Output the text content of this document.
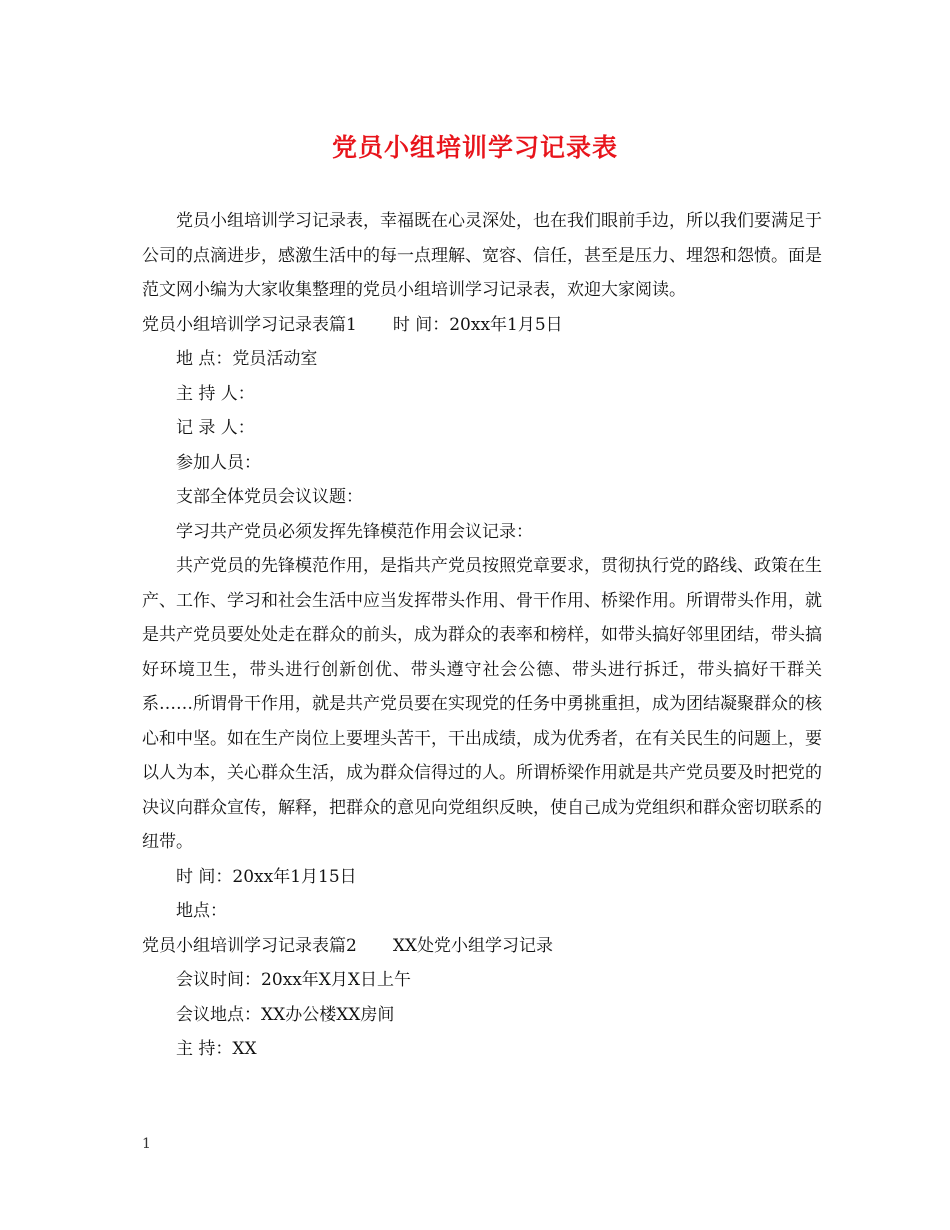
党员小组培训学习记录表

党员小组培训学习记录表，幸福既在心灵深处，也在我们眼前手边，所以我们要满足于公司的点滴进步，感激生活中的每一点理解、宽容、信任，甚至是压力、埋怨和怨愤。面是范文网小编为大家收集整理的党员小组培训学习记录表，欢迎大家阅读。

党员小组培训学习记录表篇1 时 间：20xx年1月5日

地 点：党员活动室

主 持 人：

记 录 人：

参加人员：

支部全体党员会议议题：

学习共产党员必须发挥先锋模范作用会议记录：

共产党员的先锋模范作用，是指共产党员按照党章要求，贯彻执行党的路线、政策在生产、工作、学习和社会生活中应当发挥带头作用、骨干作用、桥梁作用。所谓带头作用，就是共产党员要处处走在群众的前头，成为群众的表率和榜样，如带头搞好邻里团结，带头搞好环境卫生，带头进行创新创优、带头遵守社会公德、带头进行拆迁，带头搞好干群关系……所谓骨干作用，就是共产党员要在实现党的任务中勇挑重担，成为团结凝聚群众的核心和中坚。如在生产岗位上要埋头苦干，干出成绩，成为优秀者，在有关民生的问题上，要以人为本，关心群众生活，成为群众信得过的人。所谓桥梁作用就是共产党员要及时把党的决议向群众宣传，解释，把群众的意见向党组织反映，使自己成为党组织和群众密切联系的纽带。

时 间：20xx年1月15日

地点：

党员小组培训学习记录表篇2 XX处党小组学习记录

会议时间：20xx年X月X日上午

会议地点：XX办公楼XX房间

主 持：XX

1
